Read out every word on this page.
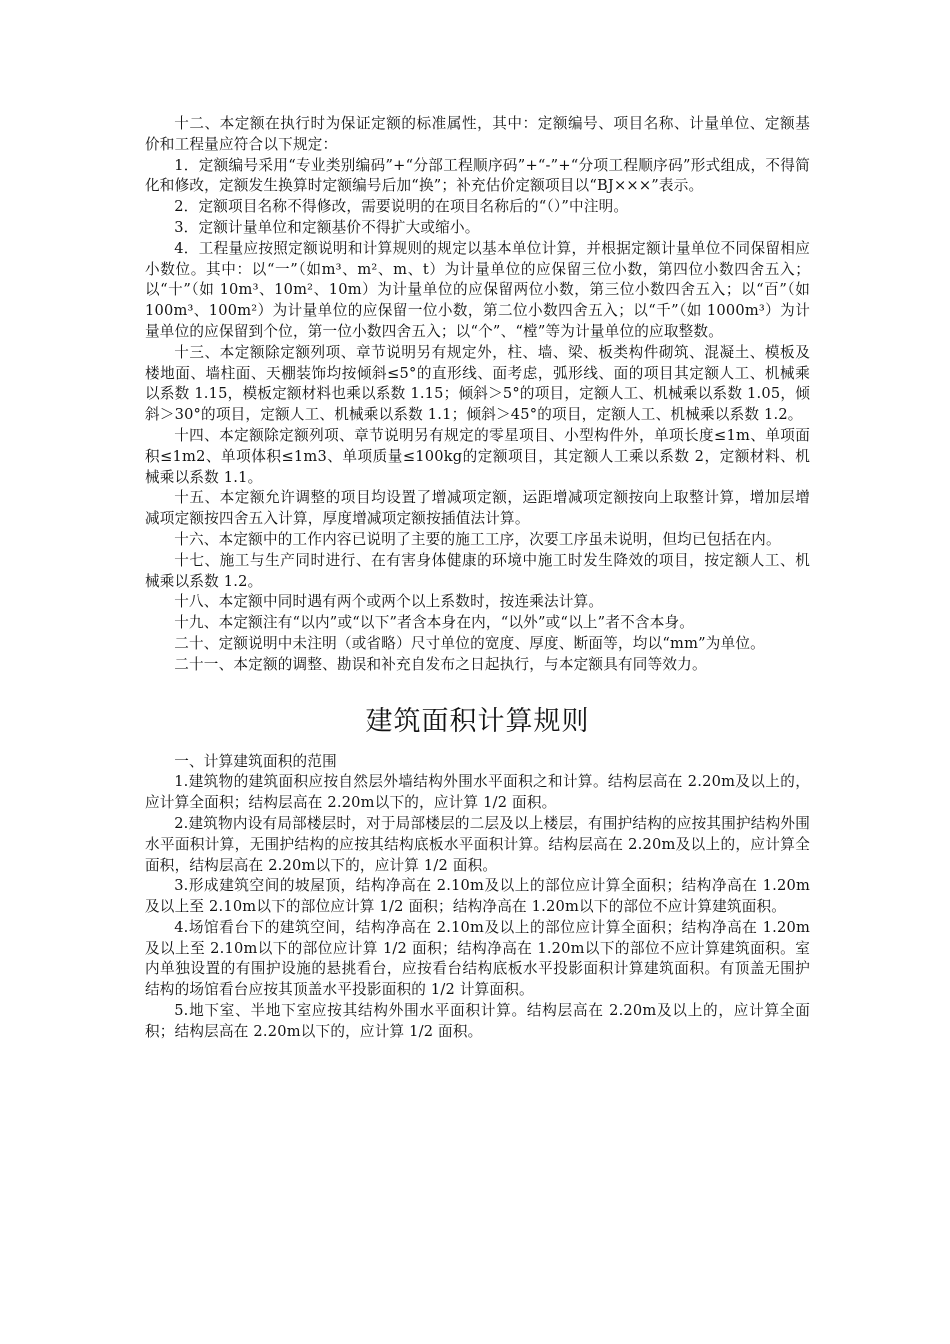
十二、本定额在执行时为保证定额的标准属性，其中：定额编号、项目名称、计量单位、定额基价和工程量应符合以下规定：

1．定额编号采用“专业类别编码”+“分部工程顺序码”+“-”+“分项工程顺序码”形式组成，不得简化和修改，定额发生换算时定额编号后加“换”；补充估价定额项目以“BJ×××”表示。

2．定额项目名称不得修改，需要说明的在项目名称后的“（）”中注明。

3．定额计量单位和定额基价不得扩大或缩小。

4．工程量应按照定额说明和计算规则的规定以基本单位计算，并根据定额计量单位不同保留相应小数位。其中：以“一”（如m³、m²、m、t）为计量单位的应保留三位小数，第四位小数四舍五入；以“十”（如 10m³、10m²、10m）为计量单位的应保留两位小数，第三位小数四舍五入；以“百”（如 100m³、100m²）为计量单位的应保留一位小数，第二位小数四舍五入；以“千”（如 1000m³）为计量单位的应保留到个位，第一位小数四舍五入；以“个”、“樘”等为计量单位的应取整数。

十三、本定额除定额列项、章节说明另有规定外，柱、墙、梁、板类构件砌筑、混凝土、模板及楼地面、墙柱面、天棚装饰均按倾斜≤5°的直形线、面考虑，弧形线、面的项目其定额人工、机械乘以系数 1.15，模板定额材料也乘以系数 1.15；倾斜＞5°的项目，定额人工、机械乘以系数 1.05，倾斜＞30°的项目，定额人工、机械乘以系数 1.1；倾斜＞45°的项目，定额人工、机械乘以系数 1.2。

十四、本定额除定额列项、章节说明另有规定的零星项目、小型构件外，单项长度≤1m、单项面积≤1m2、单项体积≤1m3、单项质量≤100kg的定额项目，其定额人工乘以系数 2，定额材料、机械乘以系数 1.1。

十五、本定额允许调整的项目均设置了增减项定额，运距增减项定额按向上取整计算，增加层增减项定额按四舍五入计算，厚度增减项定额按插值法计算。

十六、本定额中的工作内容已说明了主要的施工工序，次要工序虽未说明，但均已包括在内。

十七、施工与生产同时进行、在有害身体健康的环境中施工时发生降效的项目，按定额人工、机械乘以系数 1.2。

十八、本定额中同时遇有两个或两个以上系数时，按连乘法计算。

十九、本定额注有“以内”或“以下”者含本身在内，“以外”或“以上”者不含本身。

二十、定额说明中未注明（或省略）尺寸单位的宽度、厚度、断面等，均以“mm”为单位。

二十一、本定额的调整、勘误和补充自发布之日起执行，与本定额具有同等效力。

建筑面积计算规则

一、计算建筑面积的范围

1.建筑物的建筑面积应按自然层外墙结构外围水平面积之和计算。结构层高在 2.20m及以上的，应计算全面积；结构层高在 2.20m以下的，应计算 1/2 面积。

2.建筑物内设有局部楼层时，对于局部楼层的二层及以上楼层，有围护结构的应按其围护结构外围水平面积计算，无围护结构的应按其结构底板水平面积计算。结构层高在 2.20m及以上的，应计算全面积，结构层高在 2.20m以下的，应计算 1/2 面积。

3.形成建筑空间的坡屋顶，结构净高在 2.10m及以上的部位应计算全面积；结构净高在 1.20m及以上至 2.10m以下的部位应计算 1/2 面积；结构净高在 1.20m以下的部位不应计算建筑面积。

4.场馆看台下的建筑空间，结构净高在 2.10m及以上的部位应计算全面积；结构净高在 1.20m及以上至 2.10m以下的部位应计算 1/2 面积；结构净高在 1.20m以下的部位不应计算建筑面积。室内单独设置的有围护设施的悬挑看台，应按看台结构底板水平投影面积计算建筑面积。有顶盖无围护结构的场馆看台应按其顶盖水平投影面积的 1/2 计算面积。

5.地下室、半地下室应按其结构外围水平面积计算。结构层高在 2.20m及以上的，应计算全面积；结构层高在 2.20m以下的，应计算 1/2 面积。
